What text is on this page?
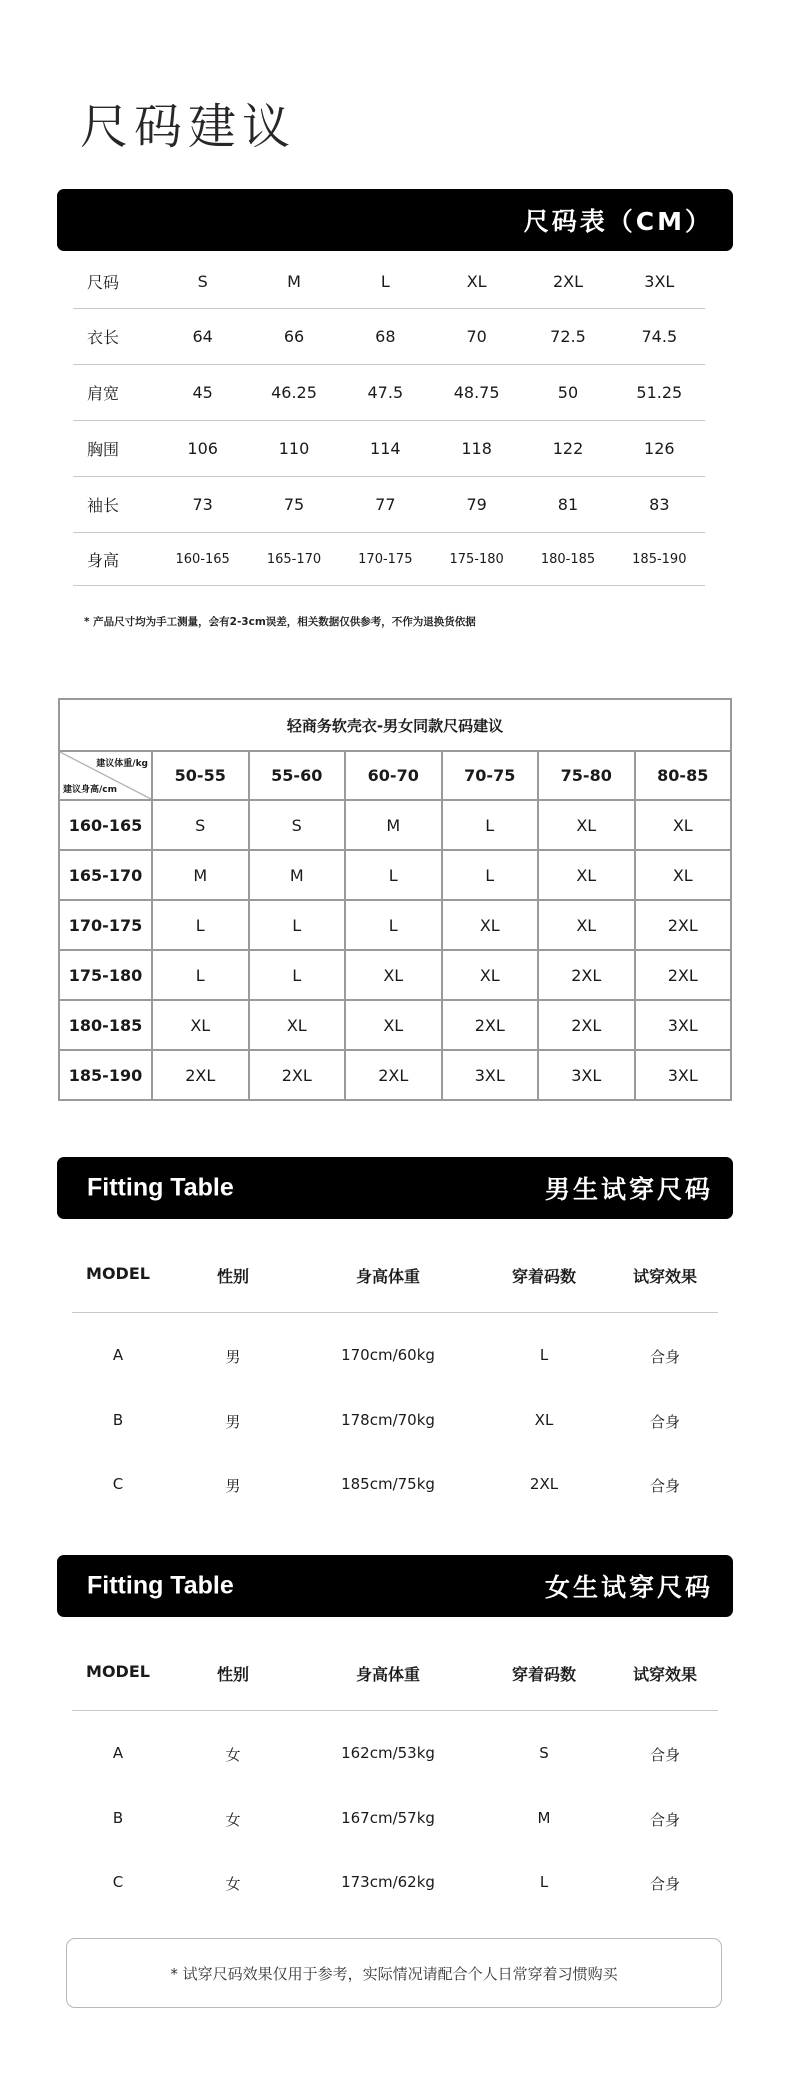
尺码建议
尺码表（CM）
尺码	S	M	L	XL	2XL	3XL
衣长	64	66	68	70	72.5	74.5
肩宽	45	46.25	47.5	48.75	50	51.25
胸围	106	110	114	118	122	126
袖长	73	75	77	79	81	83
身高	160-165	165-170	170-175	175-180	180-185	185-190
* 产品尺寸均为手工测量，会有2-3cm误差，相关数据仅供参考，不作为退换货依据
轻商务软壳衣-男女同款尺码建议						

建议体重/kg
建议身高/cm	50-55	55-60	60-70	70-75	75-80	80-85
160-165	S	S	M	L	XL	XL
165-170	M	M	L	L	XL	XL
170-175	L	L	L	XL	XL	2XL
175-180	L	L	XL	XL	2XL	2XL
180-185	XL	XL	XL	2XL	2XL	3XL
185-190	2XL	2XL	2XL	3XL	3XL	3XL
Fitting Table	男生试穿尺码
MODEL	性别	身高体重	穿着码数	试穿效果
A	男	170cm/60kg	L	合身
B	男	178cm/70kg	XL	合身
C	男	185cm/75kg	2XL	合身
Fitting Table	女生试穿尺码
MODEL	性别	身高体重	穿着码数	试穿效果
A	女	162cm/53kg	S	合身
B	女	167cm/57kg	M	合身
C	女	173cm/62kg	L	合身
* 试穿尺码效果仅用于参考，实际情况请配合个人日常穿着习惯购买
